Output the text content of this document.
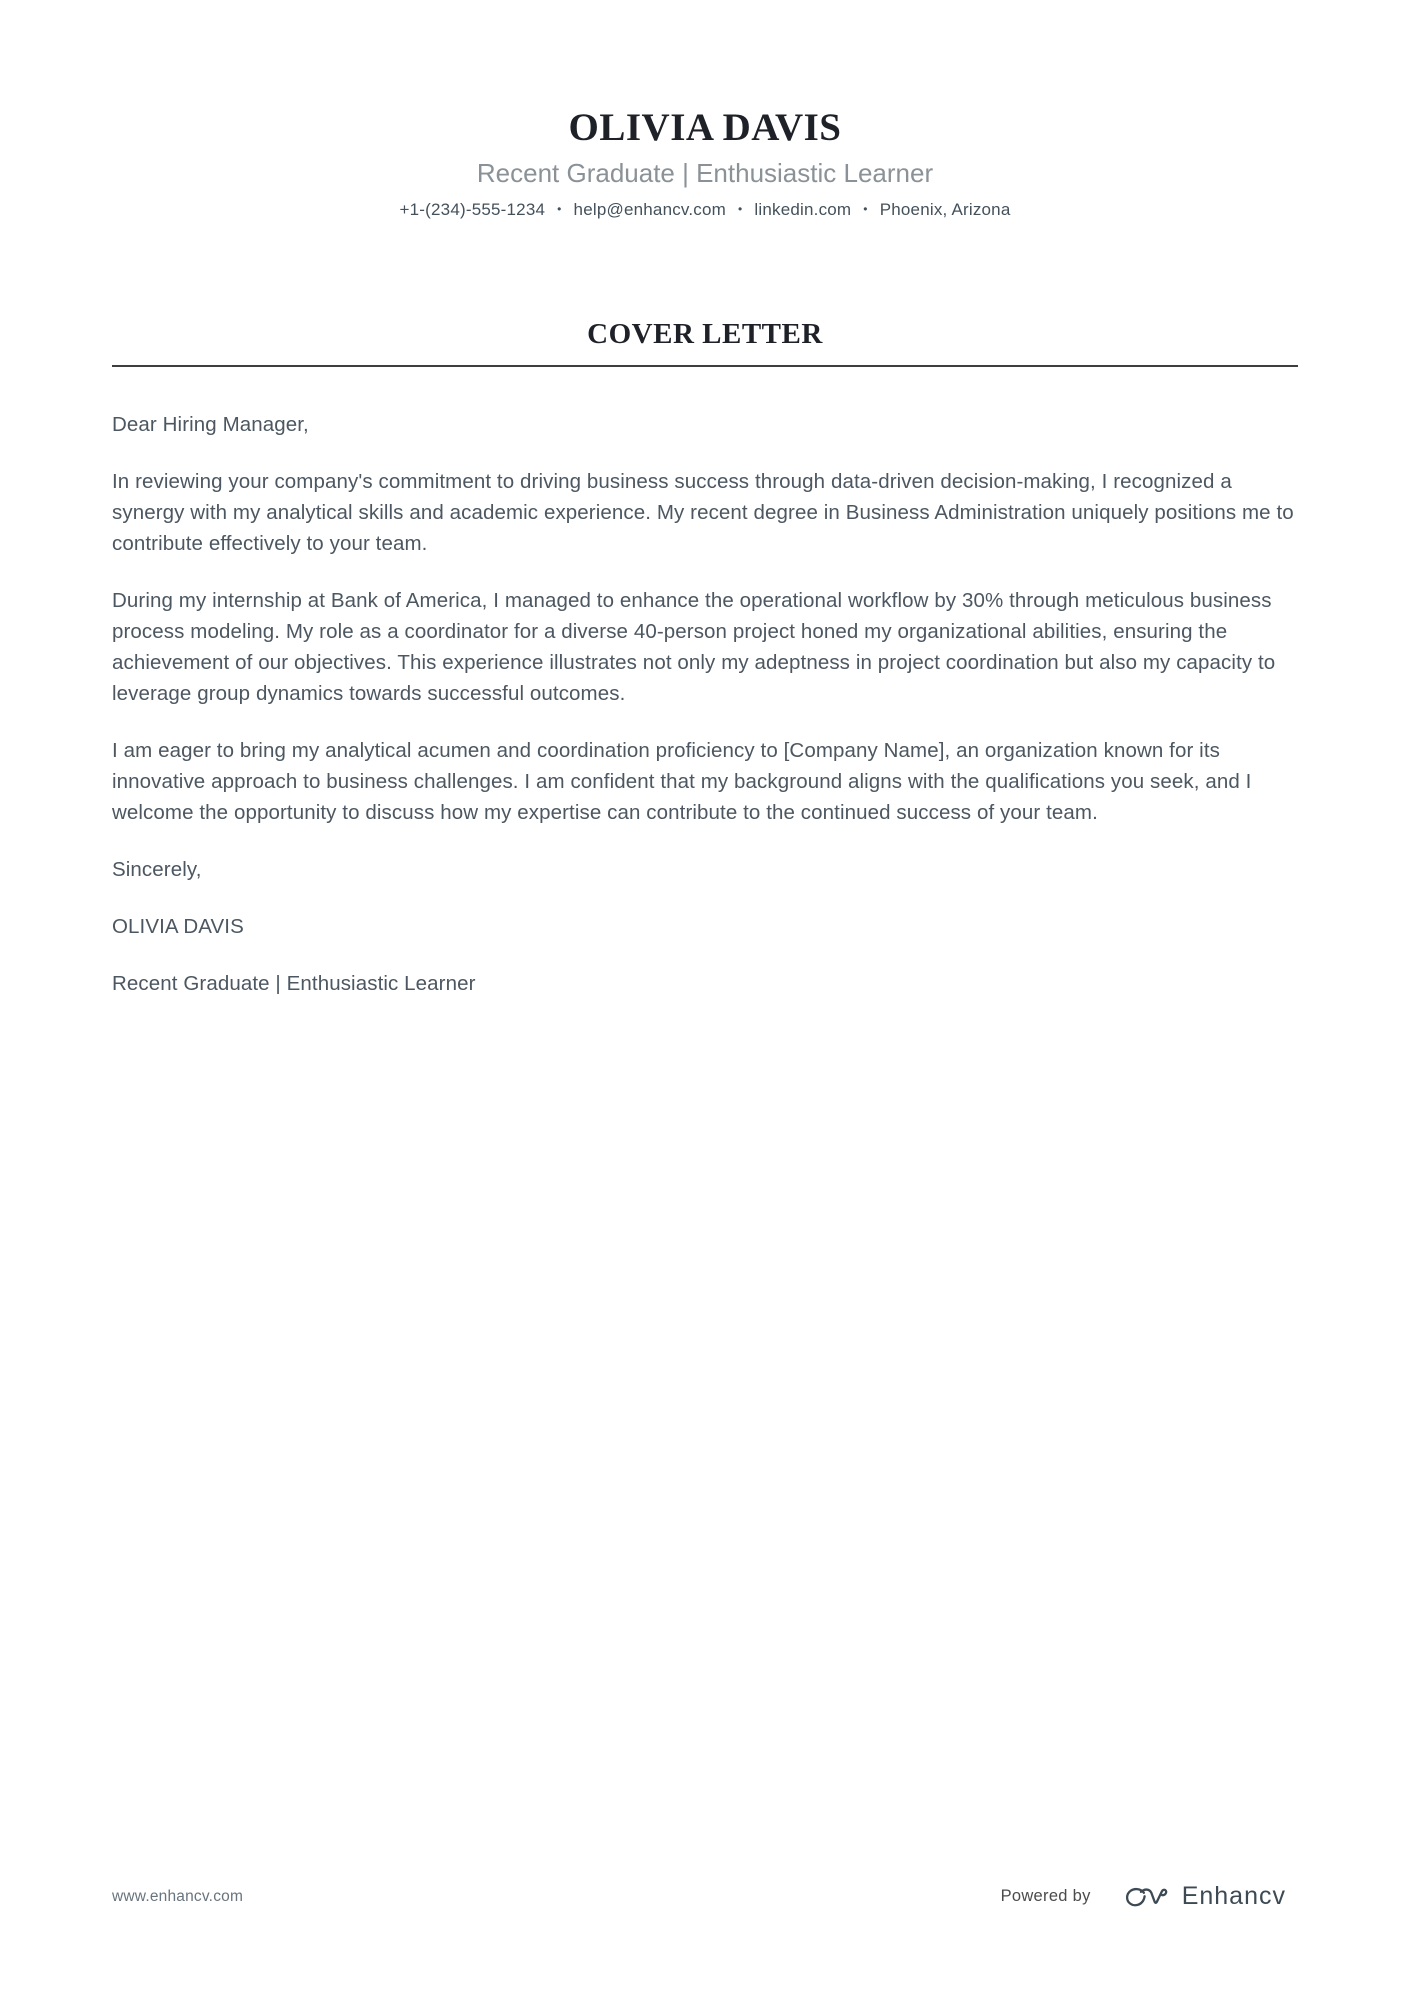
OLIVIA DAVIS
Recent Graduate | Enthusiastic Learner
+1-(234)-555-1234 • help@enhancv.com • linkedin.com • Phoenix, Arizona
COVER LETTER

Dear Hiring Manager,

In reviewing your company's commitment to driving business success through data-driven decision-making, I recognized a synergy with my analytical skills and academic experience. My recent degree in Business Administration uniquely positions me to contribute effectively to your team.

During my internship at Bank of America, I managed to enhance the operational workflow by 30% through meticulous business process modeling. My role as a coordinator for a diverse 40-person project honed my organizational abilities, ensuring the achievement of our objectives. This experience illustrates not only my adeptness in project coordination but also my capacity to leverage group dynamics towards successful outcomes.

I am eager to bring my analytical acumen and coordination proficiency to [Company Name], an organization known for its innovative approach to business challenges. I am confident that my background aligns with the qualifications you seek, and I welcome the opportunity to discuss how my expertise can contribute to the continued success of your team.

Sincerely,

OLIVIA DAVIS

Recent Graduate | Enthusiastic Learner

www.enhancv.com	Powered by	Enhancv
